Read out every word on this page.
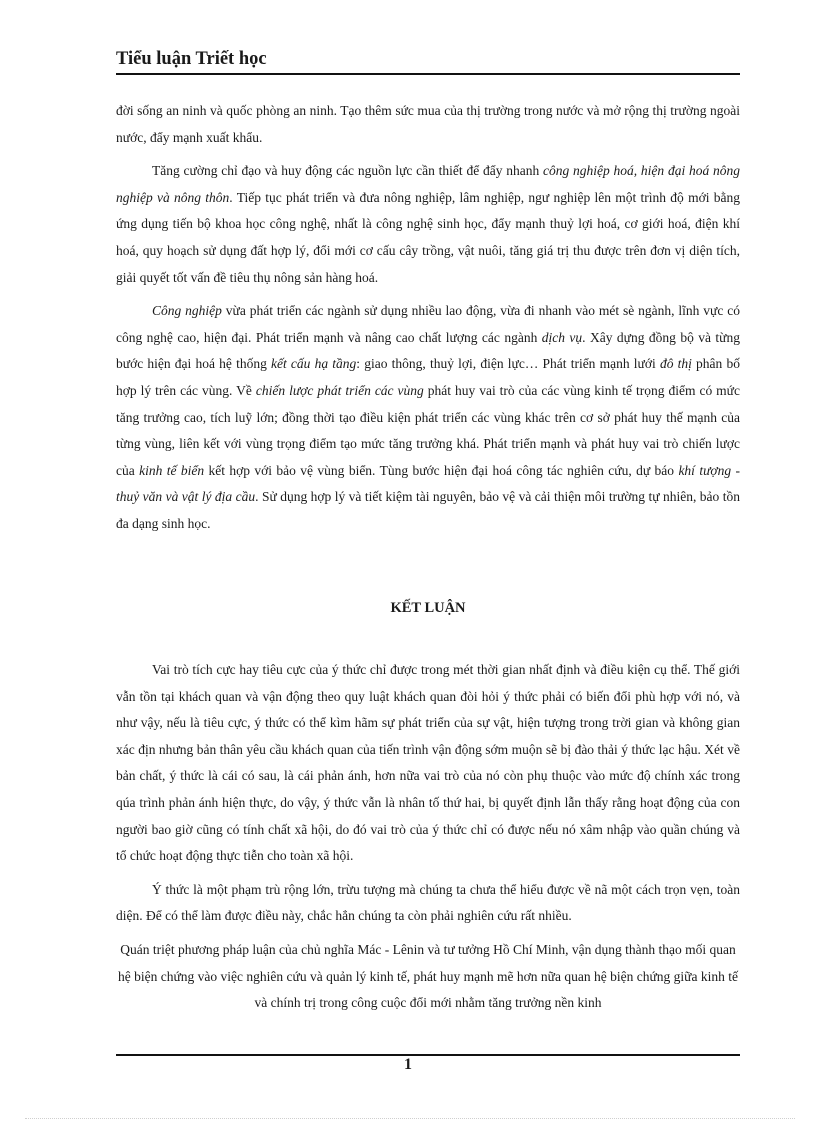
Tiểu luận Triết học

đời sống an ninh và quốc phòng an ninh. Tạo thêm sức mua của thị trường trong nước và mở rộng thị trường ngoài nước, đẩy mạnh xuất khẩu.

Tăng cường chỉ đạo và huy động các nguồn lực cần thiết để đẩy nhanh công nghiệp hoá, hiện đại hoá nông nghiệp và nông thôn. Tiếp tục phát triển và đưa nông nghiệp, lâm nghiệp, ngư nghiệp lên một trình độ mới bằng ứng dụng tiến bộ khoa học công nghệ, nhất là công nghệ sinh học, đẩy mạnh thuỷ lợi hoá, cơ giới hoá, điện khí hoá, quy hoạch sử dụng đất hợp lý, đổi mới cơ cấu cây trồng, vật nuôi, tăng giá trị thu được trên đơn vị diện tích, giải quyết tốt vấn đề tiêu thụ nông sản hàng hoá.

Công nghiệp vừa phát triển các ngành sử dụng nhiều lao động, vừa đi nhanh vào mét sè ngành, lĩnh vực có công nghệ cao, hiện đại. Phát triển mạnh và nâng cao chất lượng các ngành dịch vụ. Xây dựng đồng bộ và từng bước hiện đại hoá hệ thống kết cấu hạ tầng: giao thông, thuỷ lợi, điện lực… Phát triển mạnh lưới đô thị phân bố hợp lý trên các vùng. Về chiến lược phát triển các vùng phát huy vai trò của các vùng kinh tế trọng điểm có mức tăng trưởng cao, tích luỹ lớn; đồng thời tạo điều kiện phát triển các vùng khác trên cơ sở phát huy thế mạnh của từng vùng, liên kết với vùng trọng điểm tạo mức tăng trưởng khá. Phát triển mạnh và phát huy vai trò chiến lược của kinh tế biển kết hợp với bảo vệ vùng biển. Tùng bước hiện đại hoá công tác nghiên cứu, dự báo khí tượng - thuỷ văn và vật lý địa cầu. Sử dụng hợp lý và tiết kiệm tài nguyên, bảo vệ và cải thiện môi trường tự nhiên, bảo tồn đa dạng sinh học.

KẾT LUẬN

Vai trò tích cực hay tiêu cực của ý thức chỉ được trong mét thời gian nhất định và điều kiện cụ thể. Thế giới vẫn tồn tại khách quan và vận động theo quy luật khách quan đòi hỏi ý thức phải có biến đổi phù hợp với nó, và như vậy, nếu là tiêu cực, ý thức có thể kìm hãm sự phát triển của sự vật, hiện tượng trong trời gian và không gian xác địn nhưng bản thân yêu cầu khách quan của tiến trình vận động sớm muộn sẽ bị đào thải ý thức lạc hậu. Xét về bản chất, ý thức là cái có sau, là cái phản ánh, hơn nữa vai trò của nó còn phụ thuộc vào mức độ chính xác trong qúa trình phản ánh hiện thực, do vậy, ý thức vẫn là nhân tố thứ hai, bị quyết định lẫn thấy rằng hoạt động của con người bao giờ cũng có tính chất xã hội, do đó vai trò của ý thức chỉ có được nếu nó xâm nhập vào quần chúng và tổ chức hoạt động thực tiễn cho toàn xã hội.

Ý thức là một phạm trù rộng lớn, trừu tượng mà chúng ta chưa thể hiểu được về nã một cách trọn vẹn, toàn diện. Để có thể làm được điều này, chắc hẳn chúng ta còn phải nghiên cứu rất nhiều.

Quán triệt phương pháp luận của chủ nghĩa Mác - Lênin và tư tưởng Hồ Chí Minh, vận dụng thành thạo mối quan hệ biện chứng vào việc nghiên cứu và quản lý kinh tế, phát huy mạnh mẽ hơn nữa quan hệ biện chứng giữa kinh tế và chính trị trong công cuộc đổi mới nhằm tăng trưởng nền kinh

1
